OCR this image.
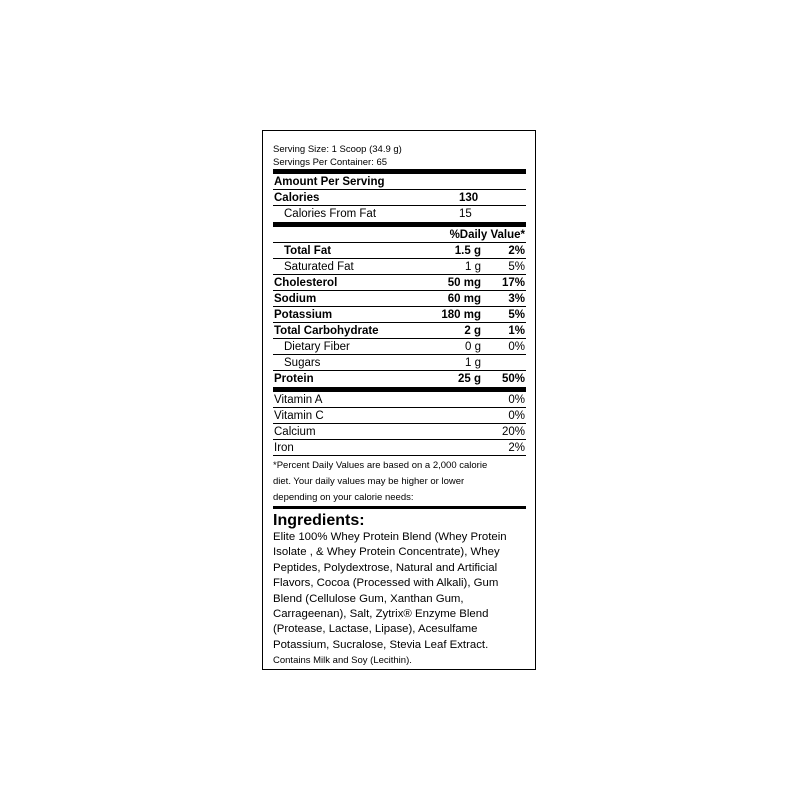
Serving Size: 1 Scoop (34.9 g)
Servings Per Container: 65
Amount Per Serving
Calories	130
Calories From Fat	15
%Daily Value*
Total Fat	1.5 g 2%
Saturated Fat	1 g 5%
Cholesterol	50 mg 17%
Sodium	60 mg 3%
Potassium	180 mg 5%
Total Carbohydrate	2 g 1%
Dietary Fiber	0 g 0%
Sugars	1 g
Protein	25 g 50%
Vitamin A	0%
Vitamin C	0%
Calcium	20%
Iron	2%
*Percent Daily Values are based on a 2,000 calorie
diet. Your daily values may be higher or lower
depending on your calorie needs:
Ingredients:
Elite 100% Whey Protein Blend (Whey Protein
Isolate , & Whey Protein Concentrate), Whey
Peptides, Polydextrose, Natural and Artificial
Flavors, Cocoa (Processed with Alkali), Gum
Blend (Cellulose Gum, Xanthan Gum,
Carrageenan), Salt, Zytrix® Enzyme Blend
(Protease, Lactase, Lipase), Acesulfame
Potassium, Sucralose, Stevia Leaf Extract.
Contains Milk and Soy (Lecithin).
